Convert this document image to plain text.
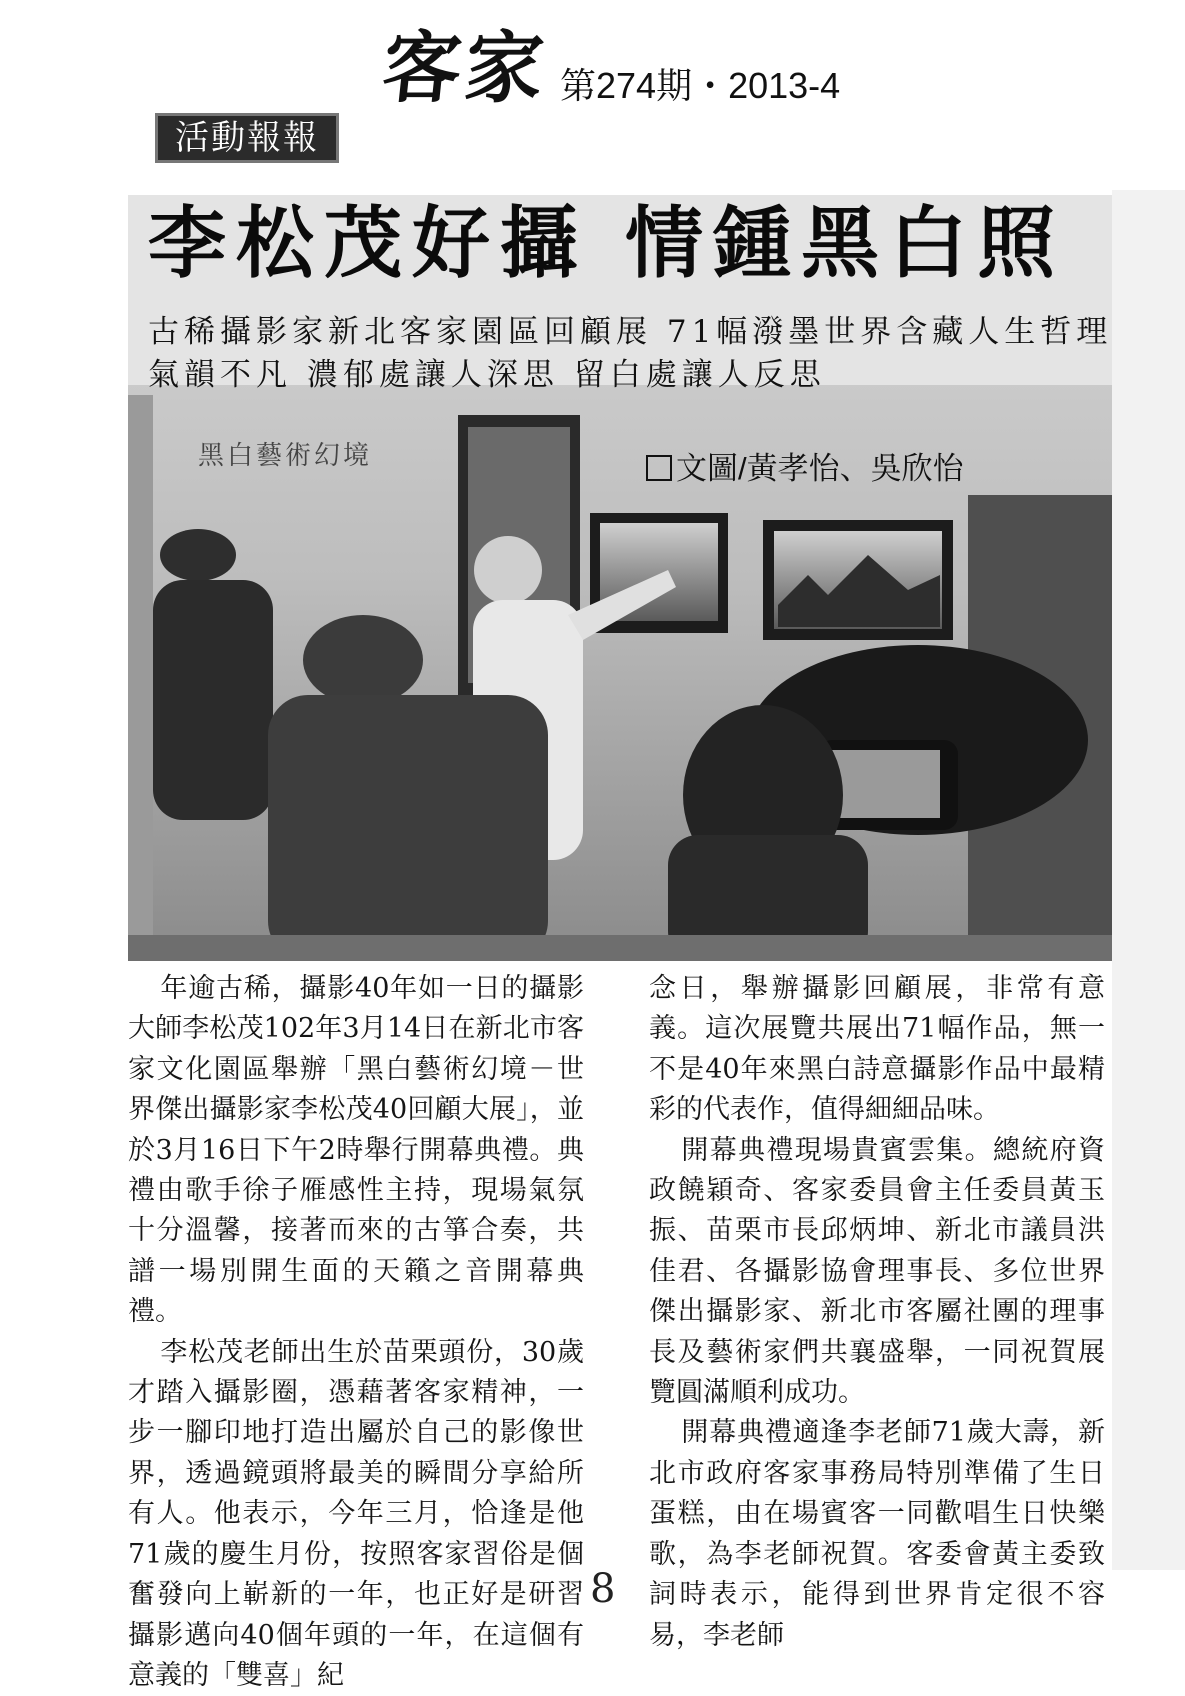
客家 第274期・2013-4
活動報報
黑白藝術幻境
李松茂好攝 情鍾黑白照
古稀攝影家新北客家園區回顧展 71幅潑墨世界含藏人生哲理
氣韻不凡 濃郁處讓人深思 留白處讓人反思
文圖/黃孝怡、吳欣怡

年逾古稀，攝影40年如一日的攝影大師李松茂102年3月14日在新北市客家文化園區舉辦「黑白藝術幻境－世界傑出攝影家李松茂40回顧大展」，並於3月16日下午2時舉行開幕典禮。典禮由歌手徐子雁感性主持，現場氣氛十分溫馨，接著而來的古箏合奏，共譜一場別開生面的天籟之音開幕典禮。

李松茂老師出生於苗栗頭份，30歲才踏入攝影圈，憑藉著客家精神，一步一腳印地打造出屬於自己的影像世界，透過鏡頭將最美的瞬間分享給所有人。他表示，今年三月，恰逢是他71歲的慶生月份，按照客家習俗是個奮發向上嶄新的一年，也正好是研習攝影邁向40個年頭的一年，在這個有意義的「雙喜」紀

念日，舉辦攝影回顧展，非常有意義。這次展覽共展出71幅作品，無一不是40年來黑白詩意攝影作品中最精彩的代表作，值得細細品味。

開幕典禮現場貴賓雲集。總統府資政饒穎奇、客家委員會主任委員黃玉振、苗栗市長邱炳坤、新北市議員洪佳君、各攝影協會理事長、多位世界傑出攝影家、新北市客屬社團的理事長及藝術家們共襄盛舉，一同祝賀展覽圓滿順利成功。

開幕典禮適逢李老師71歲大壽，新北市政府客家事務局特別準備了生日蛋糕，由在場賓客一同歡唱生日快樂歌，為李老師祝賀。客委會黃主委致詞時表示，能得到世界肯定很不容易，李老師

8
